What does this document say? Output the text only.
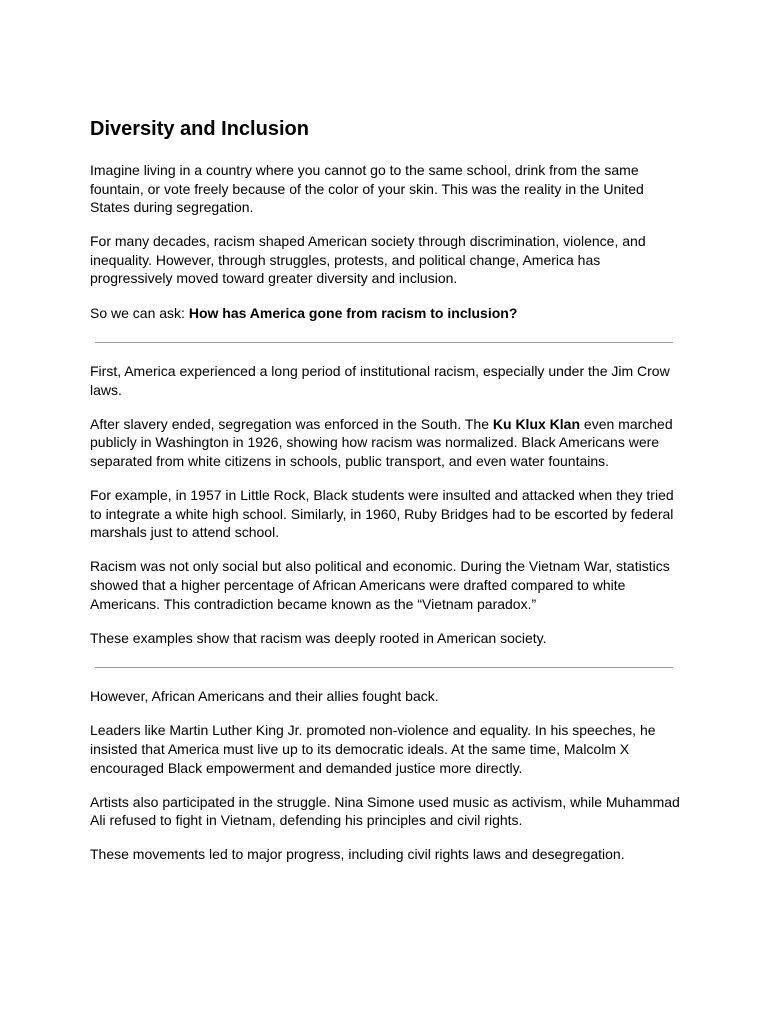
Diversity and Inclusion

Imagine living in a country where you cannot go to the same school, drink from the same fountain, or vote freely because of the color of your skin. This was the reality in the United States during segregation.

For many decades, racism shaped American society through discrimination, violence, and inequality. However, through struggles, protests, and political change, America has progressively moved toward greater diversity and inclusion.

So we can ask: How has America gone from racism to inclusion?

First, America experienced a long period of institutional racism, especially under the Jim Crow laws.

After slavery ended, segregation was enforced in the South. The Ku Klux Klan even marched publicly in Washington in 1926, showing how racism was normalized. Black Americans were separated from white citizens in schools, public transport, and even water fountains.

For example, in 1957 in Little Rock, Black students were insulted and attacked when they tried to integrate a white high school. Similarly, in 1960, Ruby Bridges had to be escorted by federal marshals just to attend school.

Racism was not only social but also political and economic. During the Vietnam War, statistics showed that a higher percentage of African Americans were drafted compared to white Americans. This contradiction became known as the “Vietnam paradox.”

These examples show that racism was deeply rooted in American society.

However, African Americans and their allies fought back.

Leaders like Martin Luther King Jr. promoted non-violence and equality. In his speeches, he insisted that America must live up to its democratic ideals. At the same time, Malcolm X encouraged Black empowerment and demanded justice more directly.

Artists also participated in the struggle. Nina Simone used music as activism, while Muhammad Ali refused to fight in Vietnam, defending his principles and civil rights.

These movements led to major progress, including civil rights laws and desegregation.
